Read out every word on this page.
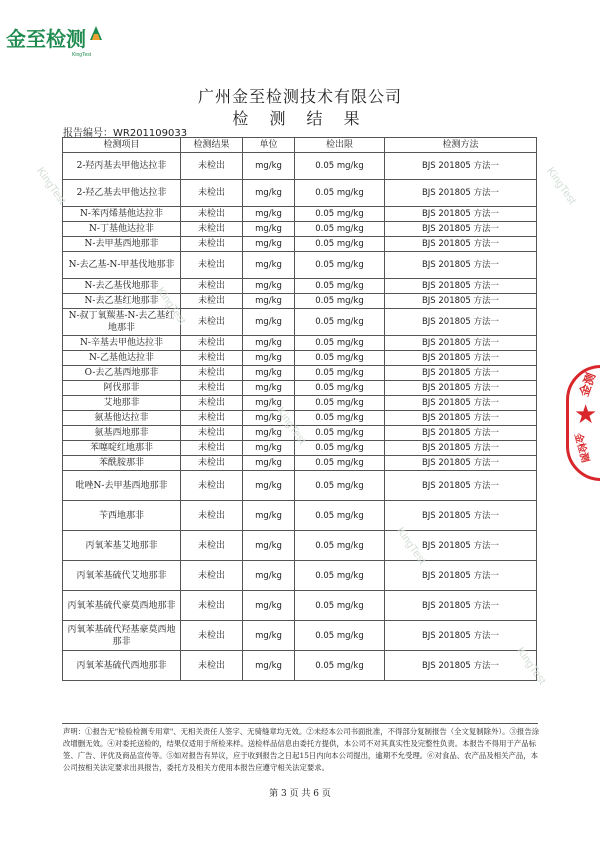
金至检测
KingTest
广州金至检测技术有限公司
检 测 结 果
报告编号：WR201109033
检测项目	检测结果	单位	检出限	检测方法
2-羟丙基去甲他达拉非	未检出	mg/kg	0.05 mg/kg	BJS 201805 方法一
2-羟乙基去甲他达拉非	未检出	mg/kg	0.05 mg/kg	BJS 201805 方法一
N-苯丙烯基他达拉非	未检出	mg/kg	0.05 mg/kg	BJS 201805 方法一
N-丁基他达拉非	未检出	mg/kg	0.05 mg/kg	BJS 201805 方法一
N-去甲基西地那非	未检出	mg/kg	0.05 mg/kg	BJS 201805 方法一
N-去乙基-N-甲基伐地那非	未检出	mg/kg	0.05 mg/kg	BJS 201805 方法一
N-去乙基伐地那非	未检出	mg/kg	0.05 mg/kg	BJS 201805 方法一
N-去乙基红地那非	未检出	mg/kg	0.05 mg/kg	BJS 201805 方法一
N-叔丁氧羰基-N-去乙基红地那非	未检出	mg/kg	0.05 mg/kg	BJS 201805 方法一
N-辛基去甲他达拉非	未检出	mg/kg	0.05 mg/kg	BJS 201805 方法一
N-乙基他达拉非	未检出	mg/kg	0.05 mg/kg	BJS 201805 方法一
O-去乙基西地那非	未检出	mg/kg	0.05 mg/kg	BJS 201805 方法一
阿伐那非	未检出	mg/kg	0.05 mg/kg	BJS 201805 方法一
艾地那非	未检出	mg/kg	0.05 mg/kg	BJS 201805 方法一
氨基他达拉非	未检出	mg/kg	0.05 mg/kg	BJS 201805 方法一
氨基西地那非	未检出	mg/kg	0.05 mg/kg	BJS 201805 方法一
苯噻啶红地那非	未检出	mg/kg	0.05 mg/kg	BJS 201805 方法一
苯酰胺那非	未检出	mg/kg	0.05 mg/kg	BJS 201805 方法一
吡唑N-去甲基西地那非	未检出	mg/kg	0.05 mg/kg	BJS 201805 方法一
苄西地那非	未检出	mg/kg	0.05 mg/kg	BJS 201805 方法一
丙氧苯基艾地那非	未检出	mg/kg	0.05 mg/kg	BJS 201805 方法一
丙氧苯基硫代艾地那非	未检出	mg/kg	0.05 mg/kg	BJS 201805 方法一
丙氧苯基硫代豪莫西地那非	未检出	mg/kg	0.05 mg/kg	BJS 201805 方法一
丙氧苯基硫代羟基豪莫西地那非	未检出	mg/kg	0.05 mg/kg	BJS 201805 方法一
丙氧苯基硫代西地那非	未检出	mg/kg	0.05 mg/kg	BJS 201805 方法一
声明：①报告无"检验检测专用章"、无相关责任人签字、无骑缝章均无效。②未经本公司书面批准，不得部分复制报告（全文复制除外）。③报告涂改增删无效。④对委托送检的，结果仅适用于所检来样。送检样品信息由委托方提供，本公司不对其真实性及完整性负责。本报告不得用于产品标签、广告、评优及商品宣传等。⑤如对报告有异议，应于收到报告之日起15日内向本公司提出，逾期不允受理。⑥对食品、农产品及相关产品，本公司按相关法定要求出具报告，委托方及相关方使用本报告应遵守相关法定要求。
第 3 页 共 6 页
金测
★
金检测
KingTest
KingTest
KingTest
KingTest
KingTest
KingTest
